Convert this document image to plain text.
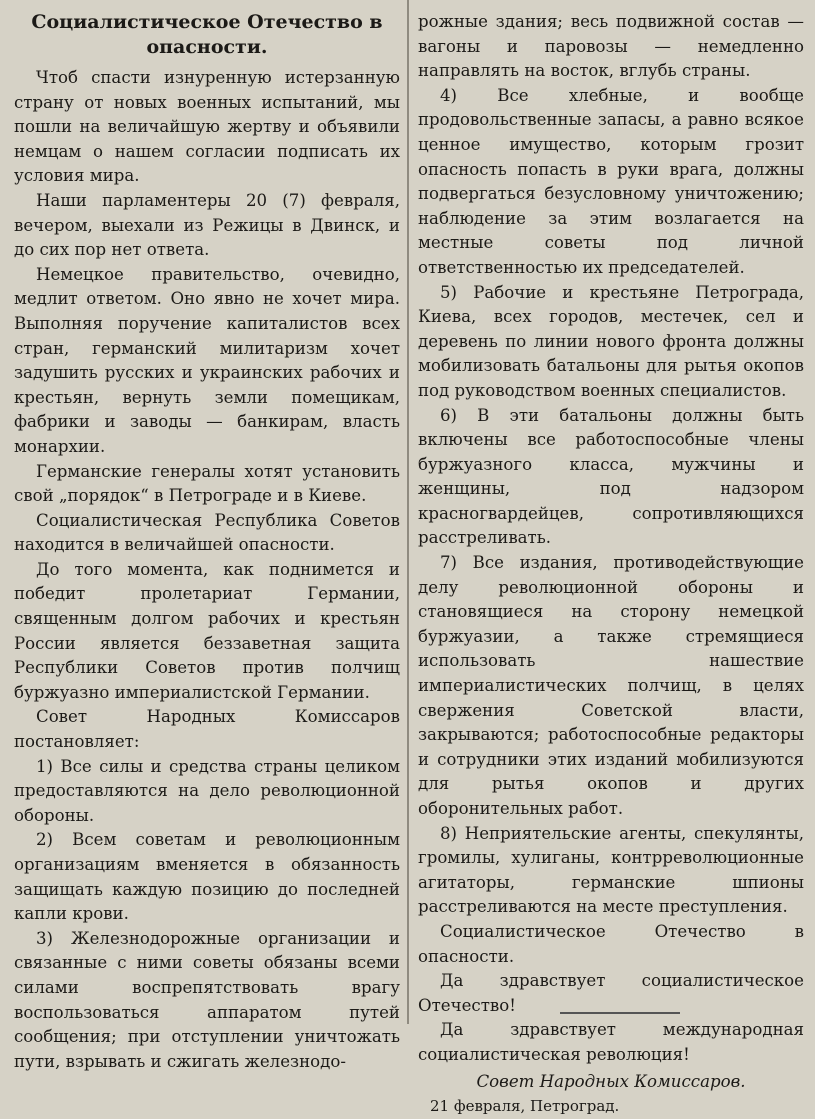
Социалистическое Отечество в опасности.

Чтоб спасти изнуренную истерзанную страну от новых военных испытаний, мы пошли на величайшую жертву и объявили немцам о нашем согласии подписать их условия мира.

Наши парламентеры 20 (7) февраля, вечером, выехали из Режицы в Двинск, и до сих пор нет ответа.

Немецкое правительство, очевидно, медлит ответом. Оно явно не хочет мира. Выполняя поручение капиталистов всех стран, германский милитаризм хочет задушить русских и украинских рабочих и крестьян, вернуть земли помещикам, фабрики и заводы — банкирам, власть монархии.

Германские генералы хотят установить свой „порядок“ в Петрограде и в Киеве.

Социалистическая Республика Советов находится в величайшей опасности.

До того момента, как поднимется и победит пролетариат Германии, священным долгом рабочих и крестьян России является беззаветная защита Республики Советов против полчищ буржуазно империалистской Германии.

Совет Народных Комиссаров постановляет:

1) Все силы и средства страны целиком предоставляются на дело революционной обороны.

2) Всем советам и революционным организациям вменяется в обязанность защищать каждую позицию до последней капли крови.

3) Железнодорожные организации и связанные с ними советы обязаны всеми силами воспрепятствовать врагу воспользоваться аппаратом путей сообщения; при отступлении уничтожать пути, взрывать и сжигать железнодо-

рожные здания; весь подвижной состав — вагоны и паровозы — немедленно направлять на восток, вглубь страны.

4) Все хлебные, и вообще продовольственные запасы, а равно всякое ценное имущество, которым грозит опасность попасть в руки врага, должны подвергаться безусловному уничтожению; наблюдение за этим возлагается на местные советы под личной ответственностью их председателей.

5) Рабочие и крестьяне Петрограда, Киева, всех городов, местечек, сел и деревень по линии нового фронта должны мобилизовать батальоны для рытья окопов под руководством военных специалистов.

6) В эти батальоны должны быть включены все работоспособные члены буржуазного класса, мужчины и женщины, под надзором красногвардейцев, сопротивляющихся расстреливать.

7) Все издания, противодействующие делу революционной обороны и становящиеся на сторону немецкой буржуазии, а также стремящиеся использовать нашествие империалистических полчищ, в целях свержения Советской власти, закрываются; работоспособные редакторы и сотрудники этих изданий мобилизуются для рытья окопов и других оборонительных работ.

8) Неприятельские агенты, спекулянты, громилы, хулиганы, контрреволюционные агитаторы, германские шпионы расстреливаются на месте преступления.

Социалистическое Отечество в опасности.

Да здравствует социалистическое Отечество!

Да здравствует международная социалистическая революция!

Совет Народных Комиссаров.

21 февраля, Петроград.
